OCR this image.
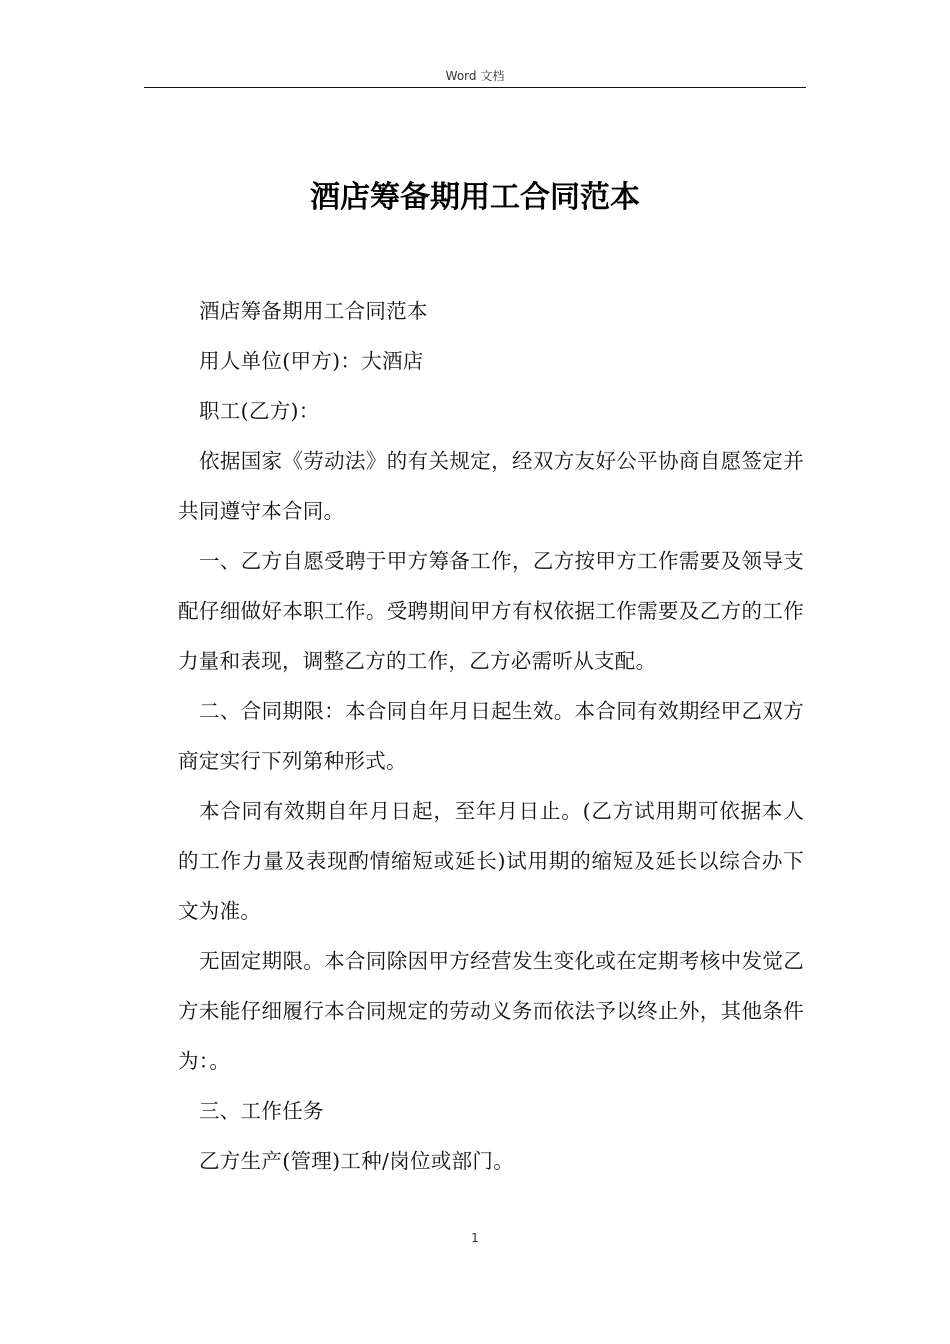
Word 文档
酒店筹备期用工合同范本

酒店筹备期用工合同范本

用人单位(甲方)：大酒店

职工(乙方)：

依据国家《劳动法》的有关规定，经双方友好公平协商自愿签定并共同遵守本合同。

一、乙方自愿受聘于甲方筹备工作，乙方按甲方工作需要及领导支配仔细做好本职工作。受聘期间甲方有权依据工作需要及乙方的工作力量和表现，调整乙方的工作，乙方必需听从支配。

二、合同期限：本合同自年月日起生效。本合同有效期经甲乙双方商定实行下列第种形式。

本合同有效期自年月日起，至年月日止。(乙方试用期可依据本人的工作力量及表现酌情缩短或延长)试用期的缩短及延长以综合办下文为准。

无固定期限。本合同除因甲方经营发生变化或在定期考核中发觉乙方未能仔细履行本合同规定的劳动义务而依法予以终止外，其他条件为：。

三、工作任务

乙方生产(管理)工种/岗位或部门。

1
